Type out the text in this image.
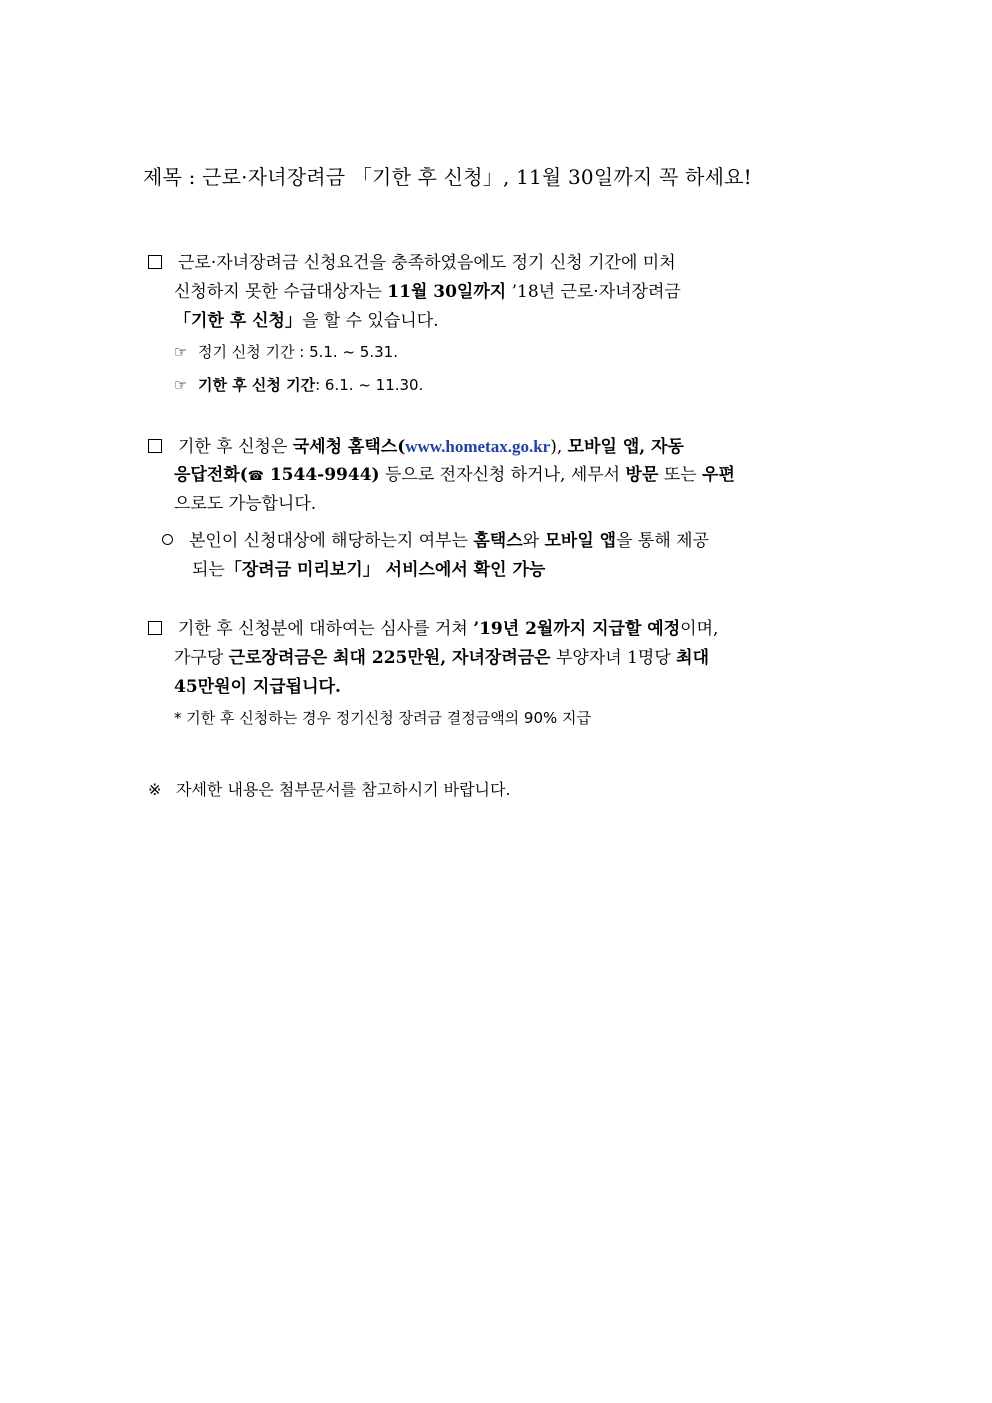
제목 : 근로·자녀장려금 「기한 후 신청」, 11월 30일까지 꼭 하세요!
근로·자녀장려금 신청요건을 충족하였음에도 정기 신청 기간에 미처
신청하지 못한 수급대상자는 11월 30일까지 ’18년 근로·자녀장려금
「기한 후 신청」을 할 수 있습니다.
☞ 정기 신청 기간 : 5.1. ~ 5.31.
☞ 기한 후 신청 기간: 6.1. ~ 11.30.
기한 후 신청은 국세청 홈택스(www.hometax.go.kr), 모바일 앱, 자동
응답전화(☎ 1544-9944) 등으로 전자신청 하거나, 세무서 방문 또는 우편
으로도 가능합니다.
본인이 신청대상에 해당하는지 여부는 홈택스와 모바일 앱을 통해 제공
되는「장려금 미리보기」 서비스에서 확인 가능
기한 후 신청분에 대하여는 심사를 거쳐 ’19년 2월까지 지급할 예정이며,
가구당 근로장려금은 최대 225만원, 자녀장려금은 부양자녀 1명당 최대
45만원이 지급됩니다.
* 기한 후 신청하는 경우 정기신청 장려금 결정금액의 90% 지급
※ 자세한 내용은 첨부문서를 참고하시기 바랍니다.
